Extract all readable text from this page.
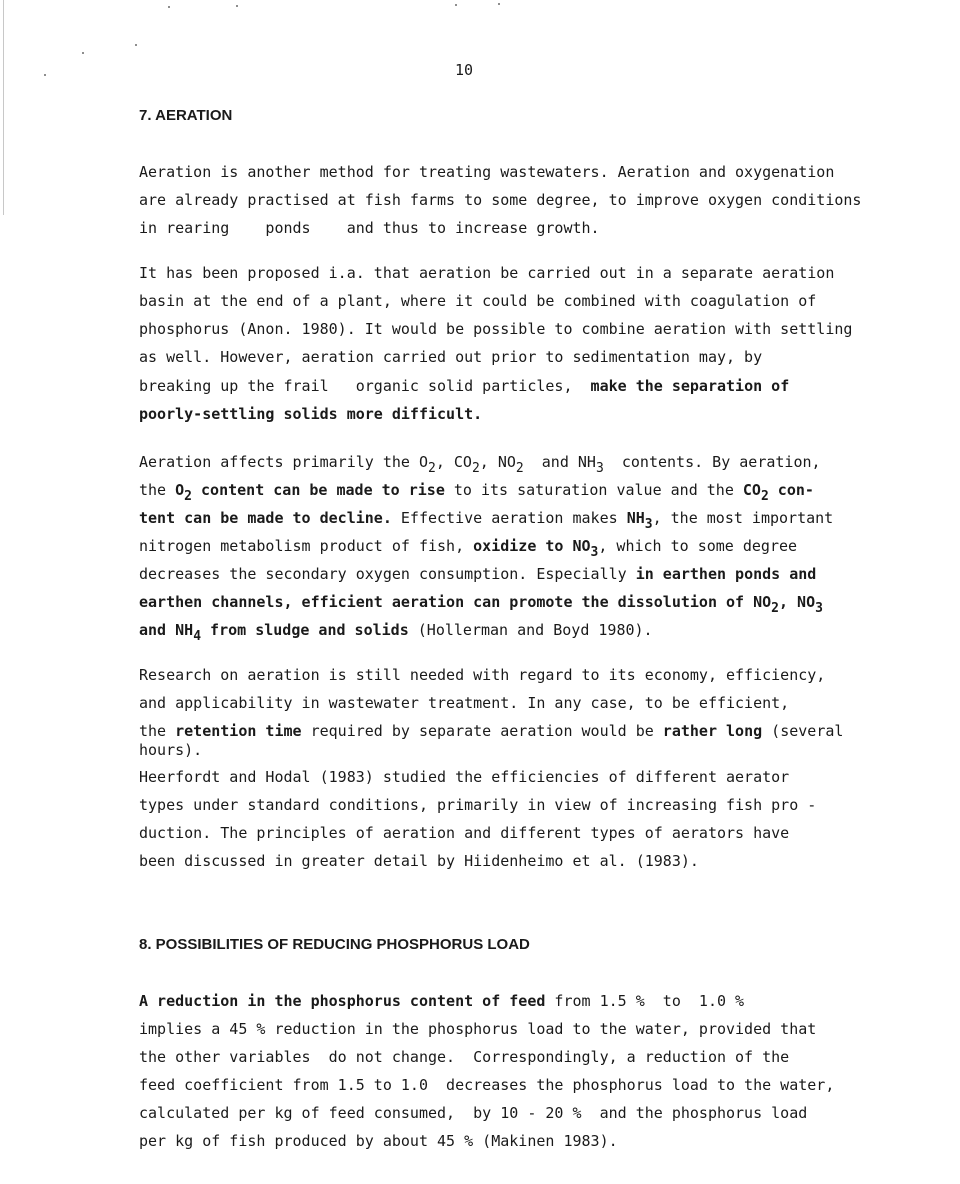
10
7. AERATION

Aeration is another method for treating wastewaters. Aeration and oxygenation

are already practised at fish farms to some degree, to improve oxygen conditions

in rearing    ponds    and thus to increase growth.

It has been proposed i.a. that aeration be carried out in a separate aeration

basin at the end of a plant, where it could be combined with coagulation of

phosphorus (Anon. 1980). It would be possible to combine aeration with settling

as well. However, aeration carried out prior to sedimentation may, by

breaking up the frail   organic solid particles,  make the separation of

poorly-settling solids more difficult.

Aeration affects primarily the $O_2$, $CO_2$, $NO_2$  and $NH_3$  contents. By aeration,

the $O_2$ content can be made to rise to its saturation value and the $CO_2$ con-

tent can be made to decline. Effective aeration makes $NH_3$, the most important

nitrogen metabolism product of fish, oxidize to $NO_3$, which to some degree

decreases the secondary oxygen consumption. Especially in earthen ponds and

earthen channels, efficient aeration can promote the dissolution of $NO_2$, $NO_3$

and $NH_4$ from sludge and solids (Hollerman and Boyd 1980).

Research on aeration is still needed with regard to its economy, efficiency,

and applicability in wastewater treatment. In any case, to be efficient,

the retention time required by separate aeration would be rather long (several

hours).

Heerfordt and Hodal (1983) studied the efficiencies of different aerator

types under standard conditions, primarily in view of increasing fish pro -

duction. The principles of aeration and different types of aerators have

been discussed in greater detail by Hiidenheimo et al. (1983).

8. POSSIBILITIES OF REDUCING PHOSPHORUS LOAD

A reduction in the phosphorus content of feed from 1.5 %  to  1.0 %

implies a 45 % reduction in the phosphorus load to the water, provided that

the other variables  do not change.  Correspondingly, a reduction of the

feed coefficient from 1.5 to 1.0  decreases the phosphorus load to the water,

calculated per kg of feed consumed,  by 10 - 20 %  and the phosphorus load

per kg of fish produced by about 45 % (Makinen 1983).
